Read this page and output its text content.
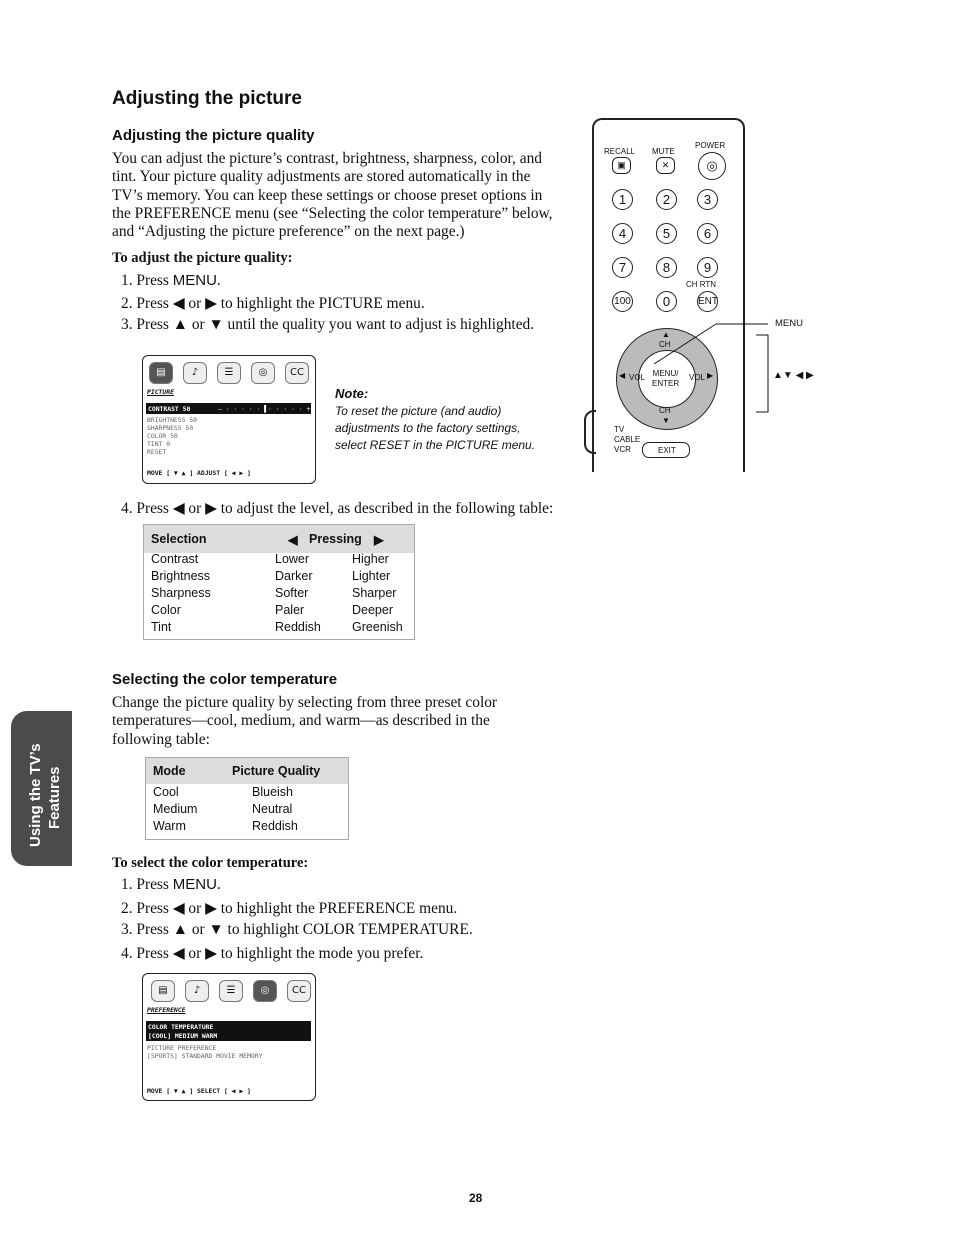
Adjusting the picture
Adjusting the picture quality

You can adjust the picture’s contrast, brightness, sharpness, color, and tint. Your picture quality adjustments are stored automatically in the TV’s memory. You can keep these settings or choose preset options in the PREFERENCE menu (see “Selecting the color temperature” below, and “Adjusting the picture preference” on the next page.)

To adjust the picture quality:
1. Press MENU.
2. Press ◀ or ▶ to highlight the PICTURE menu.
3. Press ▲ or ▼ until the quality you want to adjust is highlighted.
▤	♪	☰	◎	CC
PICTURE
CONTRAST 50	– · · · · · ▌· · · · · +
BRIGHTNESS 50
SHARPNESS 50
COLOR 50
TINT 0
RESET
MOVE [ ▼ ▲ ] ADJUST [ ◀ ▶ ]
Note:
To reset the picture (and audio) adjustments to the factory settings, select RESET in the PICTURE menu.
4. Press ◀ or ▶ to adjust the level, as described in the following table:
Selection	◀ Pressing ▶
Contrast	Lower	Higher
Brightness	Darker	Lighter
Sharpness	Softer	Sharper
Color	Paler	Deeper
Tint	Reddish Greenish
Selecting the color temperature

Change the picture quality by selecting from three preset color temperatures—cool, medium, and warm—as described in the following table:

Mode	Picture Quality
Cool	Blueish
Medium	Neutral
Warm	Reddish
To select the color temperature:
1. Press MENU.
2. Press ◀ or ▶ to highlight the PREFERENCE menu.
3. Press ▲ or ▼ to highlight COLOR TEMPERATURE.
4. Press ◀ or ▶ to highlight the mode you prefer.
▤	♪	☰	◎	CC
PREFERENCE
COLOR TEMPERATURE
[COOL] MEDIUM WARM
PICTURE PREFERENCE
[SPORTS] STANDARD MOVIE MEMORY
MOVE [ ▼ ▲ ] SELECT [ ◀ ▶ ]
RECALL MUTE
POWER
▣	✕	◎
1	2	3
4	5	6
7	8	9
100	0	ENT
CH RTN
▲
CH
CH
▼
◀ VOL	VOL ▶
MENU/
ENTER
TV
CABLE
VCR	EXIT
MENU
▲▼ ◀ ▶
Using the TV’s Features
28
